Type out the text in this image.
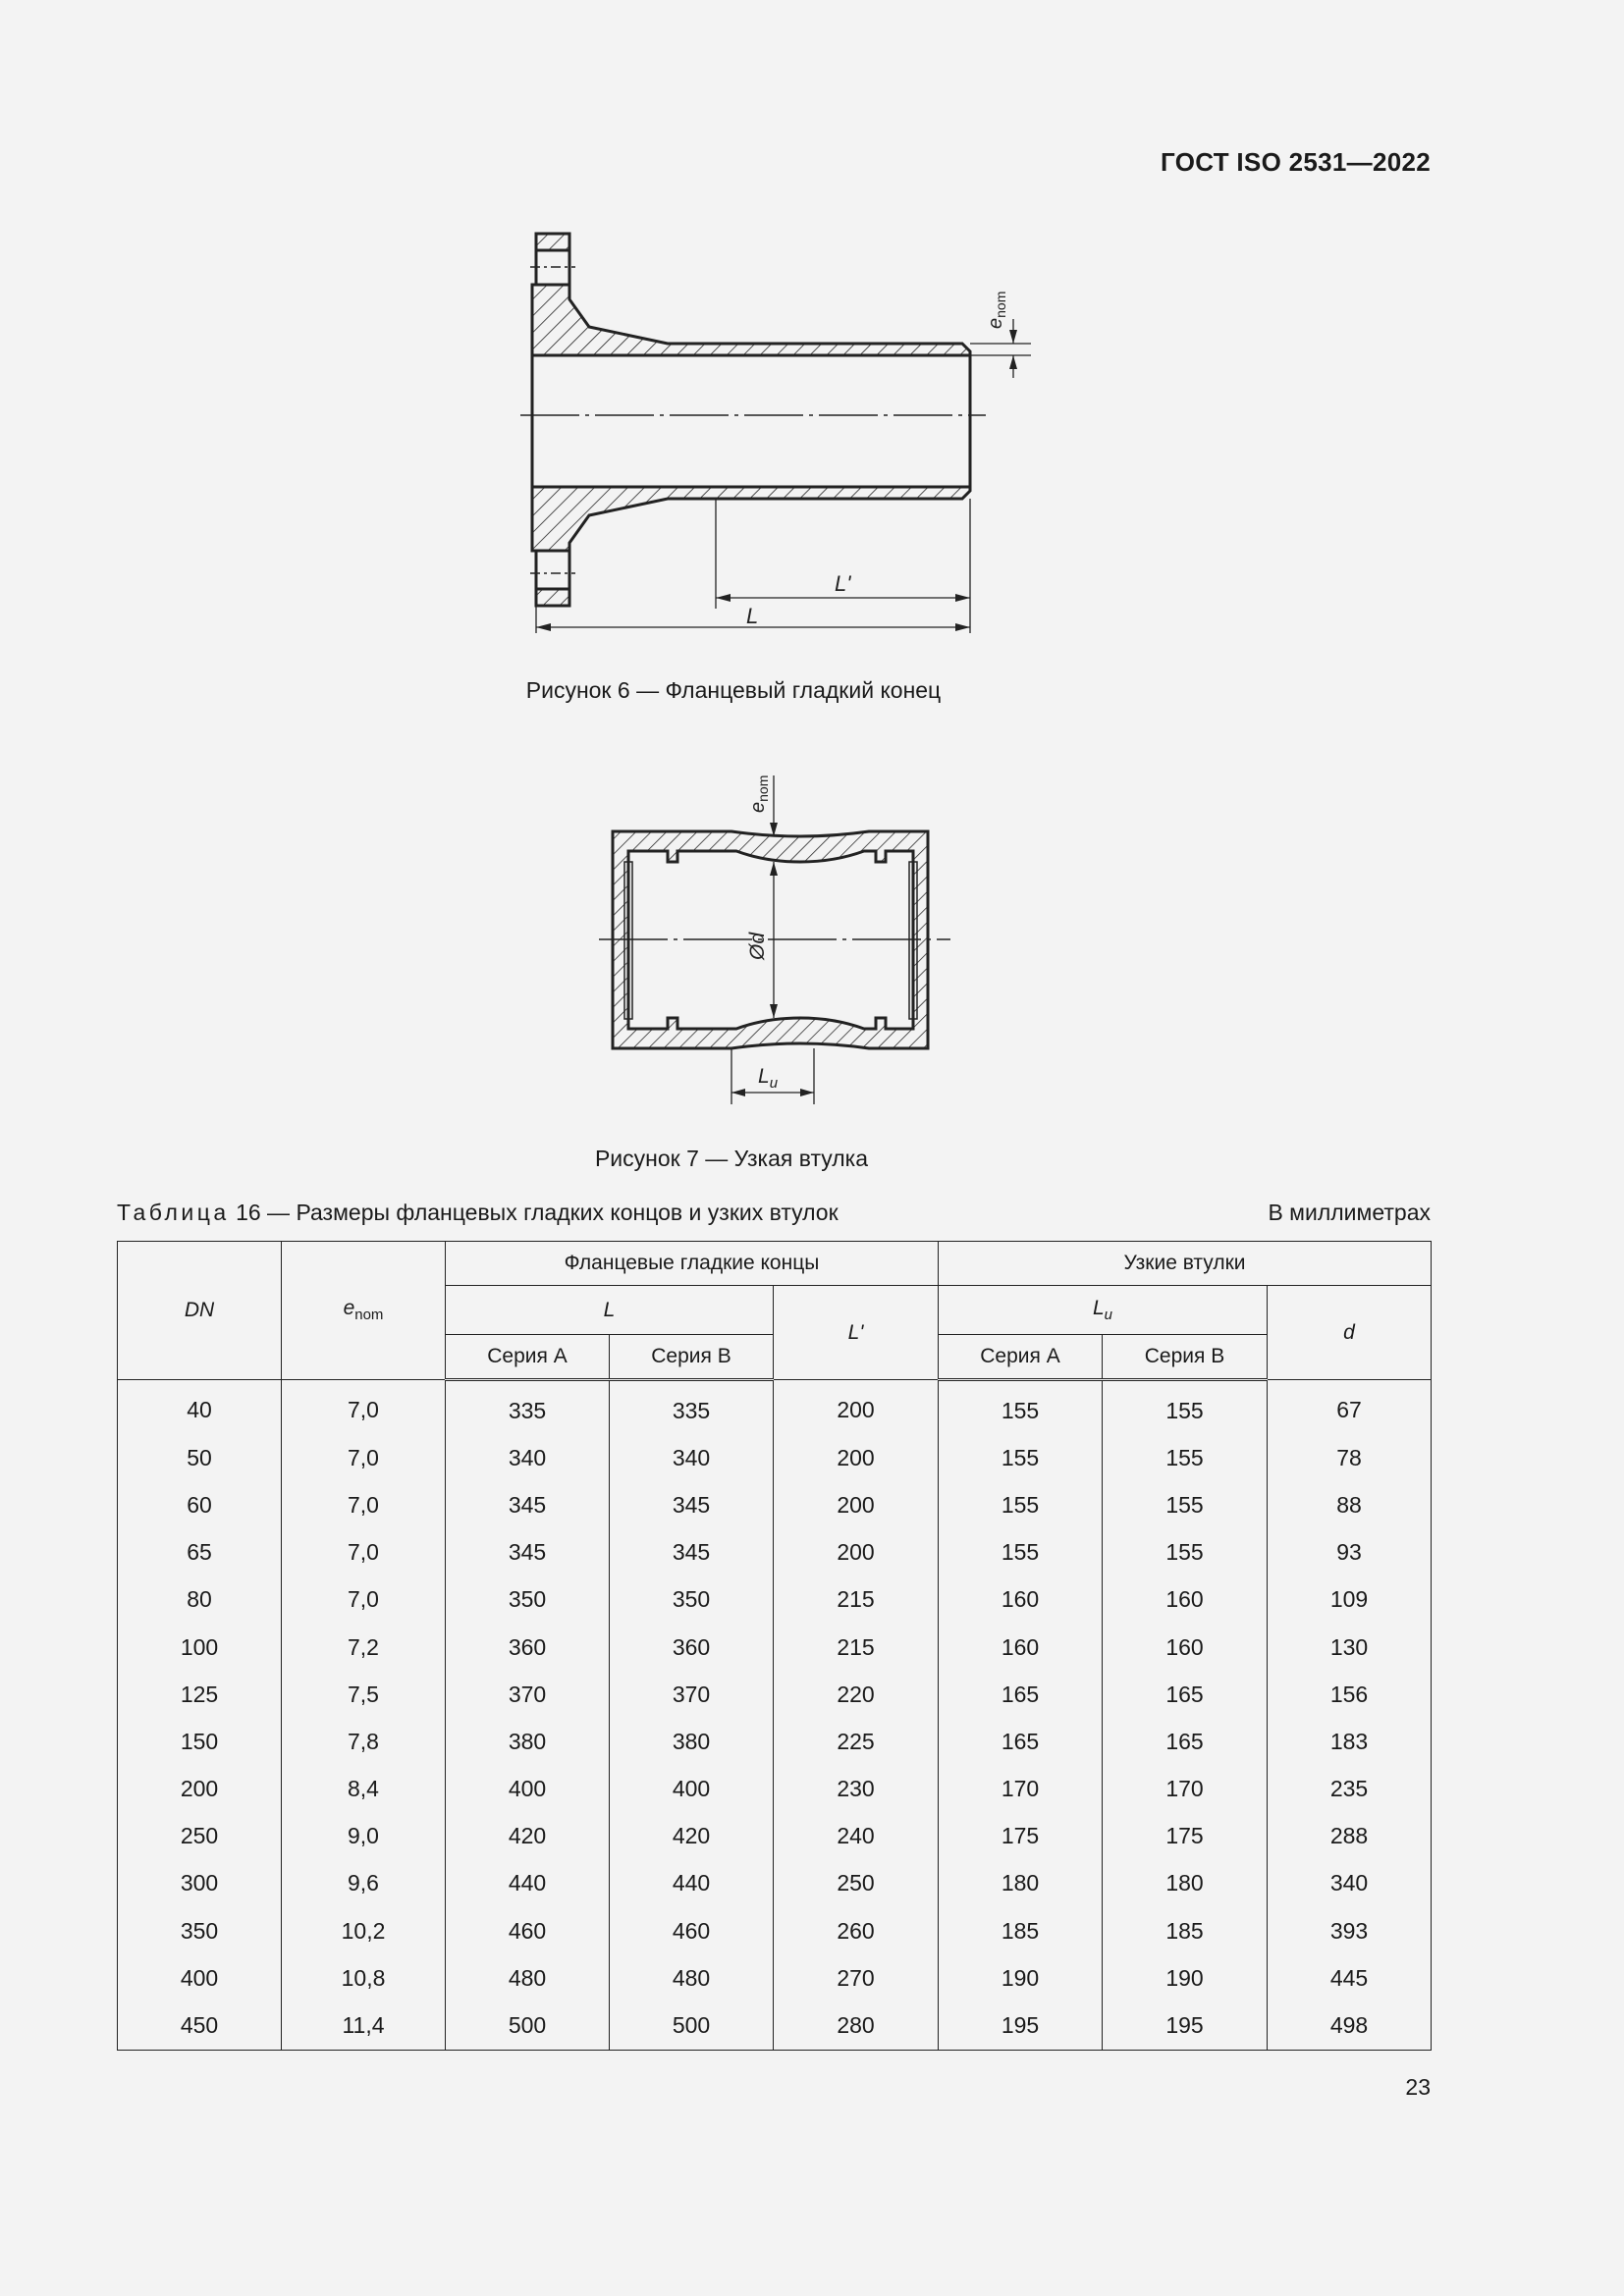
ГОСТ ISO 2531—2022
$e_{nom}$
L'
L
Рисунок 6 — Фланцевый гладкий конец
$e_{nom}$
Ød
$L_u$
Рисунок 7 — Узкая втулка
Таблица 16 — Размеры фланцевых гладких концов и узких втулок	В миллиметрах
DN	$e_{nom}$	Фланцевые гладкие концы			Узкие втулки		
		L		L'	$L_u$		d
		Серия А	Серия В		Серия А	Серия В	
40	7,0	335	335	200	155	155	67
50	7,0	340	340	200	155	155	78
60	7,0	345	345	200	155	155	88
65	7,0	345	345	200	155	155	93
80	7,0	350	350	215	160	160	109
100	7,2	360	360	215	160	160	130
125	7,5	370	370	220	165	165	156
150	7,8	380	380	225	165	165	183
200	8,4	400	400	230	170	170	235
250	9,0	420	420	240	175	175	288
300	9,6	440	440	250	180	180	340
350	10,2	460	460	260	185	185	393
400	10,8	480	480	270	190	190	445
450	11,4	500	500	280	195	195	498
23
